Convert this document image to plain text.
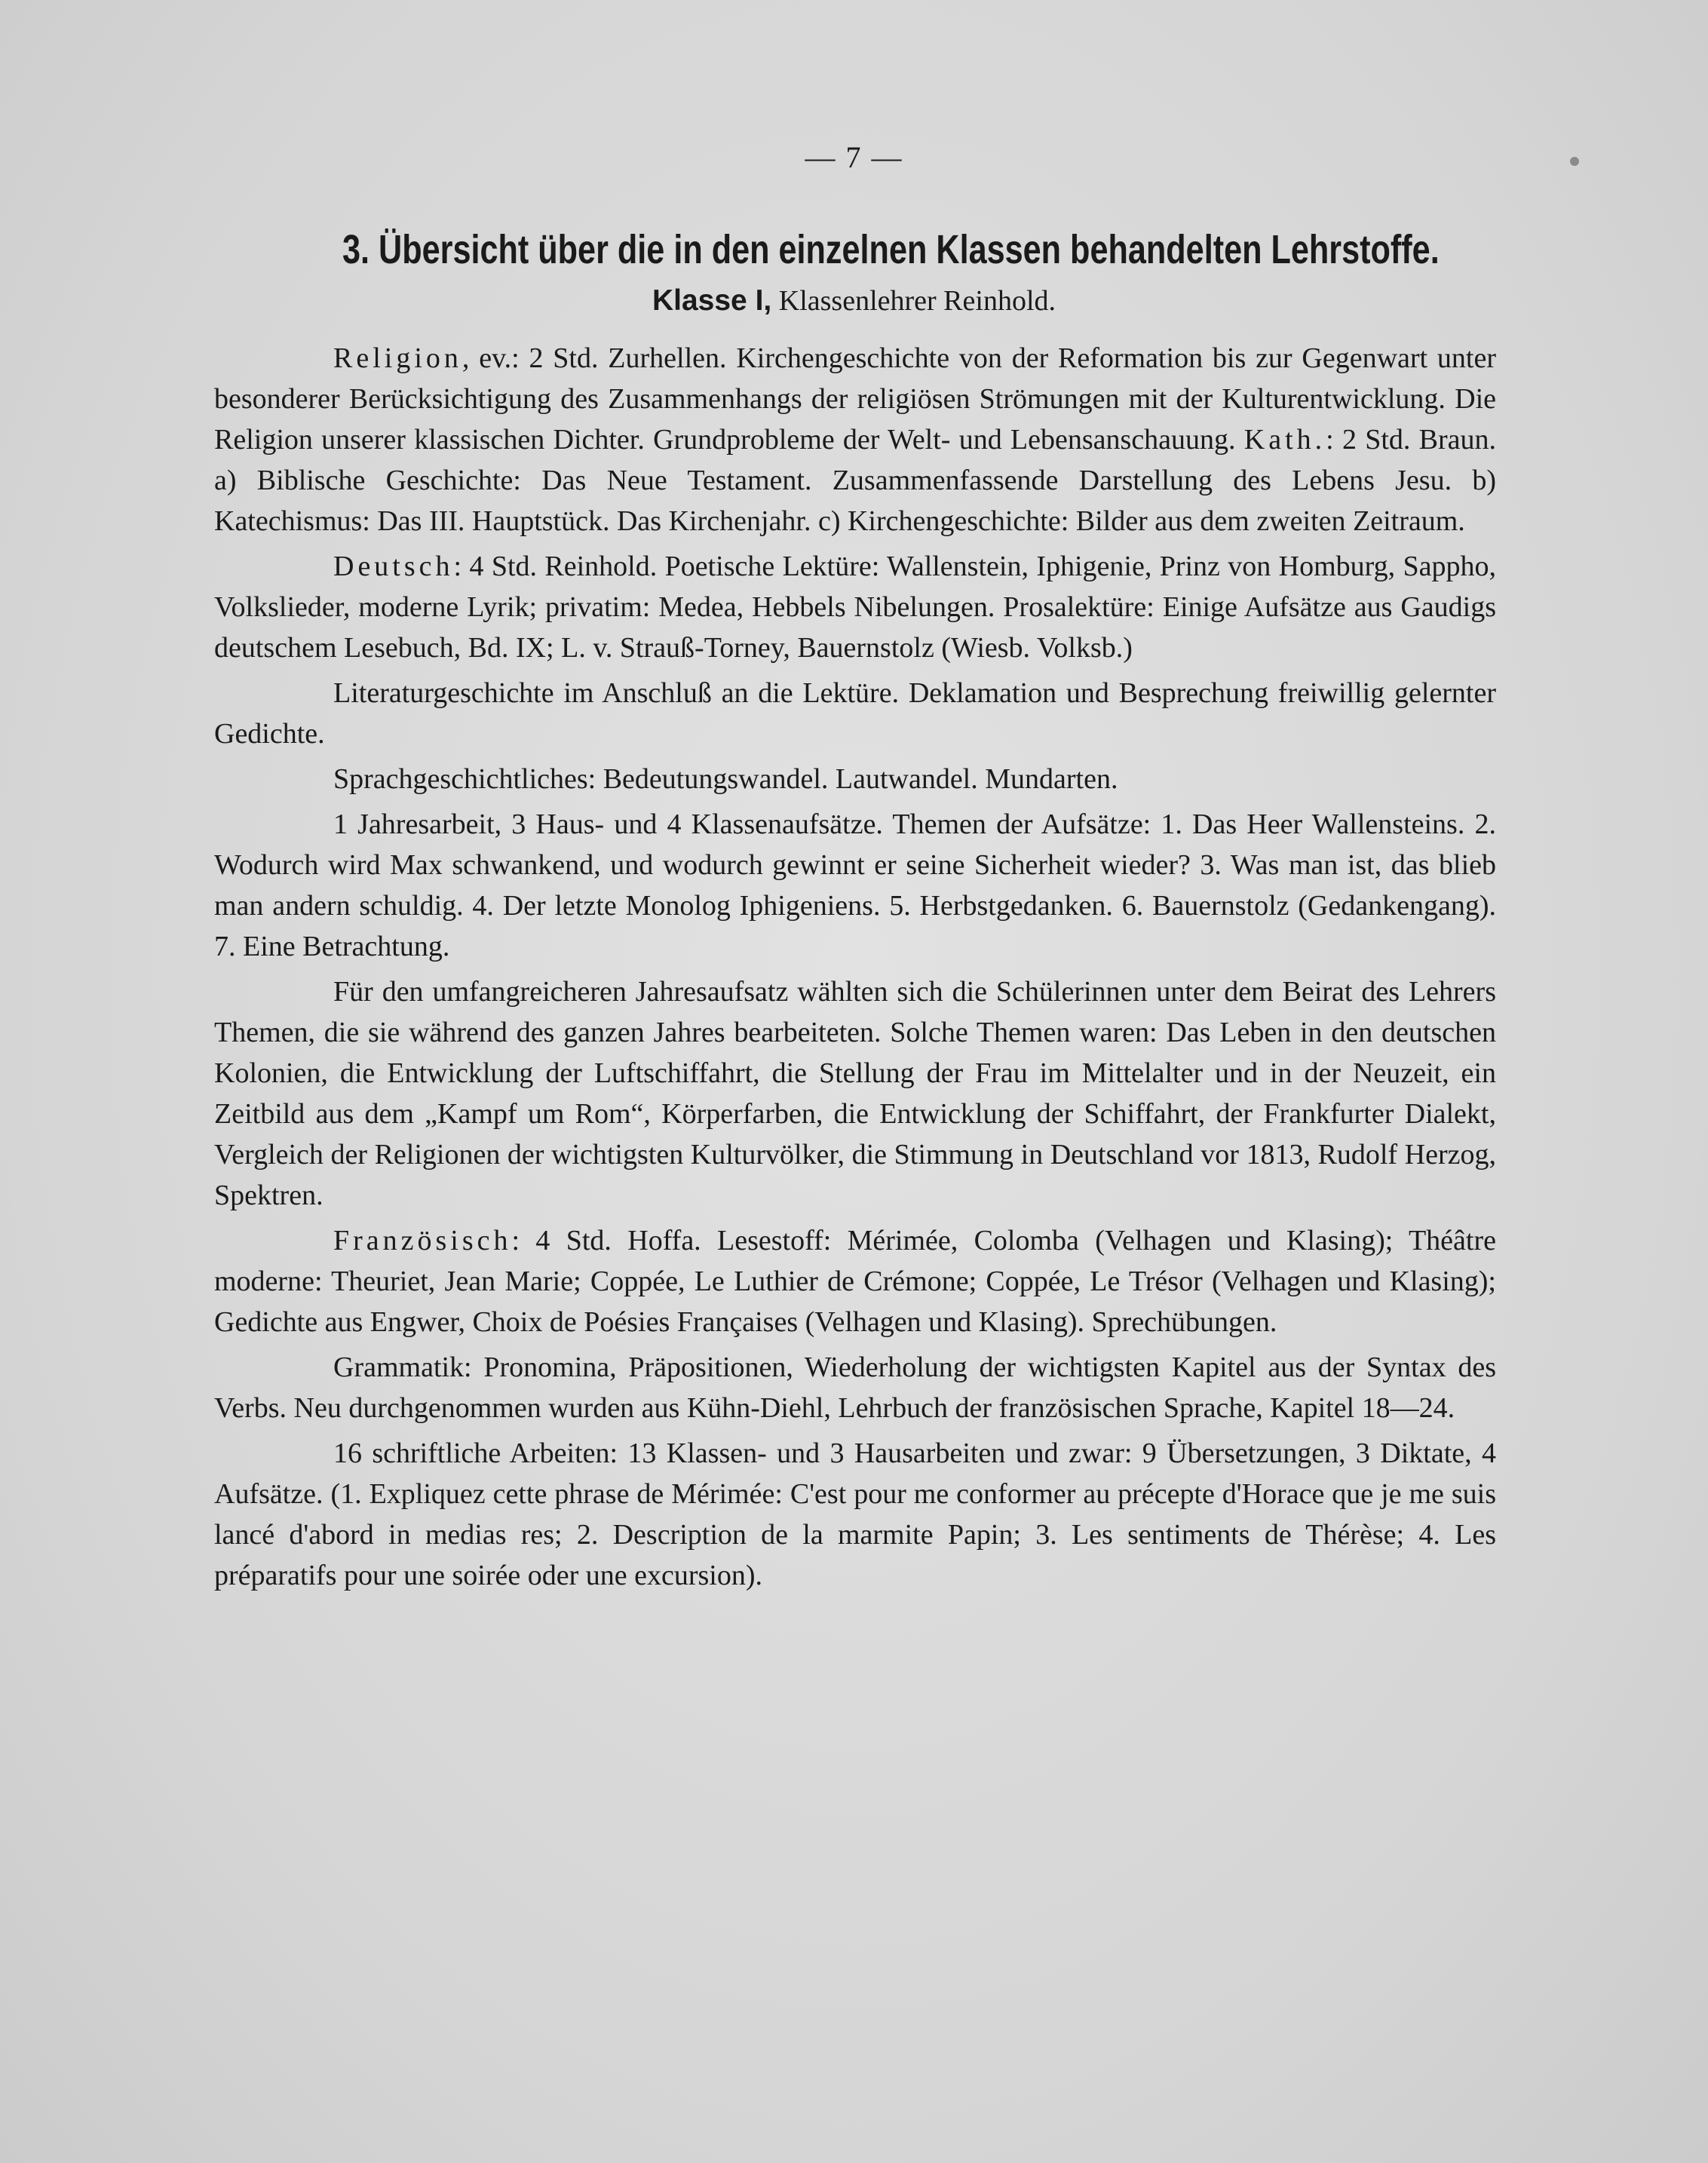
— 7 —
3. Übersicht über die in den einzelnen Klassen behandelten Lehrstoffe.
Klasse I, Klassenlehrer Reinhold.

Religion, ev.: 2 Std. Zurhellen. Kirchengeschichte von der Reformation bis zur Gegenwart unter besonderer Berücksichtigung des Zusammenhangs der religiösen Strömungen mit der Kulturentwicklung. Die Religion unserer klassischen Dichter. Grundprobleme der Welt- und Lebensanschauung. Kath.: 2 Std. Braun. a) Biblische Geschichte: Das Neue Testament. Zusammenfassende Darstellung des Lebens Jesu. b) Katechismus: Das III. Hauptstück. Das Kirchenjahr. c) Kirchengeschichte: Bilder aus dem zweiten Zeitraum.

Deutsch: 4 Std. Reinhold. Poetische Lektüre: Wallenstein, Iphigenie, Prinz von Homburg, Sappho, Volkslieder, moderne Lyrik; privatim: Medea, Hebbels Nibelungen. Prosalektüre: Einige Aufsätze aus Gaudigs deutschem Lesebuch, Bd. IX; L. v. Strauß-Torney, Bauernstolz (Wiesb. Volksb.)

Literaturgeschichte im Anschluß an die Lektüre. Deklamation und Besprechung freiwillig gelernter Gedichte.

Sprachgeschichtliches: Bedeutungswandel. Lautwandel. Mundarten.

1 Jahresarbeit, 3 Haus- und 4 Klassenaufsätze. Themen der Aufsätze: 1. Das Heer Wallensteins. 2. Wodurch wird Max schwankend, und wodurch gewinnt er seine Sicherheit wieder? 3. Was man ist, das blieb man andern schuldig. 4. Der letzte Monolog Iphigeniens. 5. Herbstgedanken. 6. Bauernstolz (Gedankengang). 7. Eine Betrachtung.

Für den umfangreicheren Jahresaufsatz wählten sich die Schülerinnen unter dem Beirat des Lehrers Themen, die sie während des ganzen Jahres bearbeiteten. Solche Themen waren: Das Leben in den deutschen Kolonien, die Entwicklung der Luftschiffahrt, die Stellung der Frau im Mittelalter und in der Neuzeit, ein Zeitbild aus dem „Kampf um Rom“, Körperfarben, die Entwicklung der Schiffahrt, der Frankfurter Dialekt, Vergleich der Religionen der wichtigsten Kulturvölker, die Stimmung in Deutschland vor 1813, Rudolf Herzog, Spektren.

Französisch: 4 Std. Hoffa. Lesestoff: Mérimée, Colomba (Velhagen und Klasing); Théâtre moderne: Theuriet, Jean Marie; Coppée, Le Luthier de Crémone; Coppée, Le Trésor (Velhagen und Klasing); Gedichte aus Engwer, Choix de Poésies Françaises (Velhagen und Klasing). Sprechübungen.

Grammatik: Pronomina, Präpositionen, Wiederholung der wichtigsten Kapitel aus der Syntax des Verbs. Neu durchgenommen wurden aus Kühn-Diehl, Lehrbuch der französischen Sprache, Kapitel 18—24.

16 schriftliche Arbeiten: 13 Klassen- und 3 Hausarbeiten und zwar: 9 Übersetzungen, 3 Diktate, 4 Aufsätze. (1. Expliquez cette phrase de Mérimée: C'est pour me conformer au précepte d'Horace que je me suis lancé d'abord in medias res; 2. Description de la marmite Papin; 3. Les sentiments de Thérèse; 4. Les préparatifs pour une soirée oder une excursion).
